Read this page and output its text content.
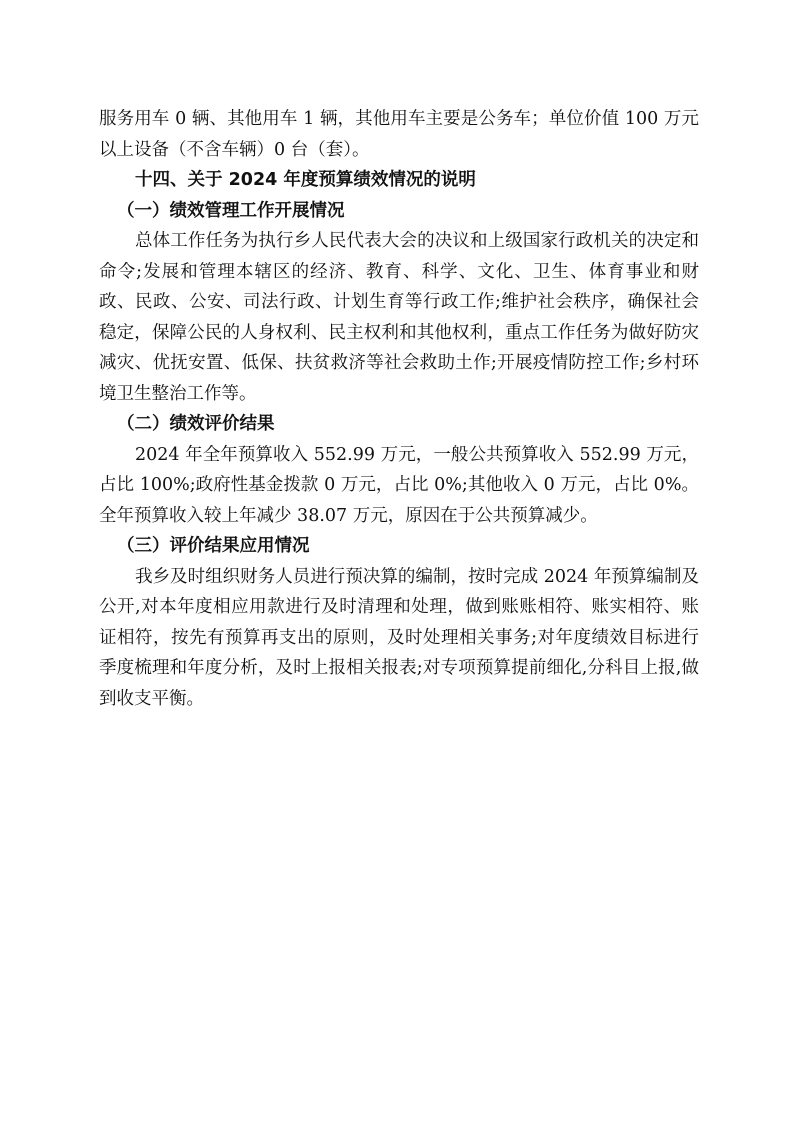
服务用车 0 辆、其他用车 1 辆，其他用车主要是公务车；单位价值 100 万元以上设备（不含车辆）0 台（套）。

十四、关于 2024 年度预算绩效情况的说明

（一）绩效管理工作开展情况

总体工作任务为执行乡人民代表大会的决议和上级国家行政机关的决定和命令;发展和管理本辖区的经济、教育、科学、文化、卫生、体育事业和财政、民政、公安、司法行政、计划生育等行政工作;维护社会秩序，确保社会稳定，保障公民的人身权利、民主权利和其他权利，重点工作任务为做好防灾减灾、优抚安置、低保、扶贫救济等社会救助土作;开展疫情防控工作;乡村环境卫生整治工作等。

（二）绩效评价结果

2024 年全年预算收入 552.99 万元，一般公共预算收入 552.99 万元，占比 100%;政府性基金拨款 0 万元，占比 0%;其他收入 0 万元，占比 0%。全年预算收入较上年减少 38.07 万元，原因在于公共预算减少。

（三）评价结果应用情况

我乡及时组织财务人员进行预决算的编制，按时完成 2024 年预算编制及公开,对本年度相应用款进行及时清理和处理，做到账账相符、账实相符、账证相符，按先有预算再支出的原则，及时处理相关事务;对年度绩效目标进行季度梳理和年度分析，及时上报相关报表;对专项预算提前细化,分科目上报,做到收支平衡。
